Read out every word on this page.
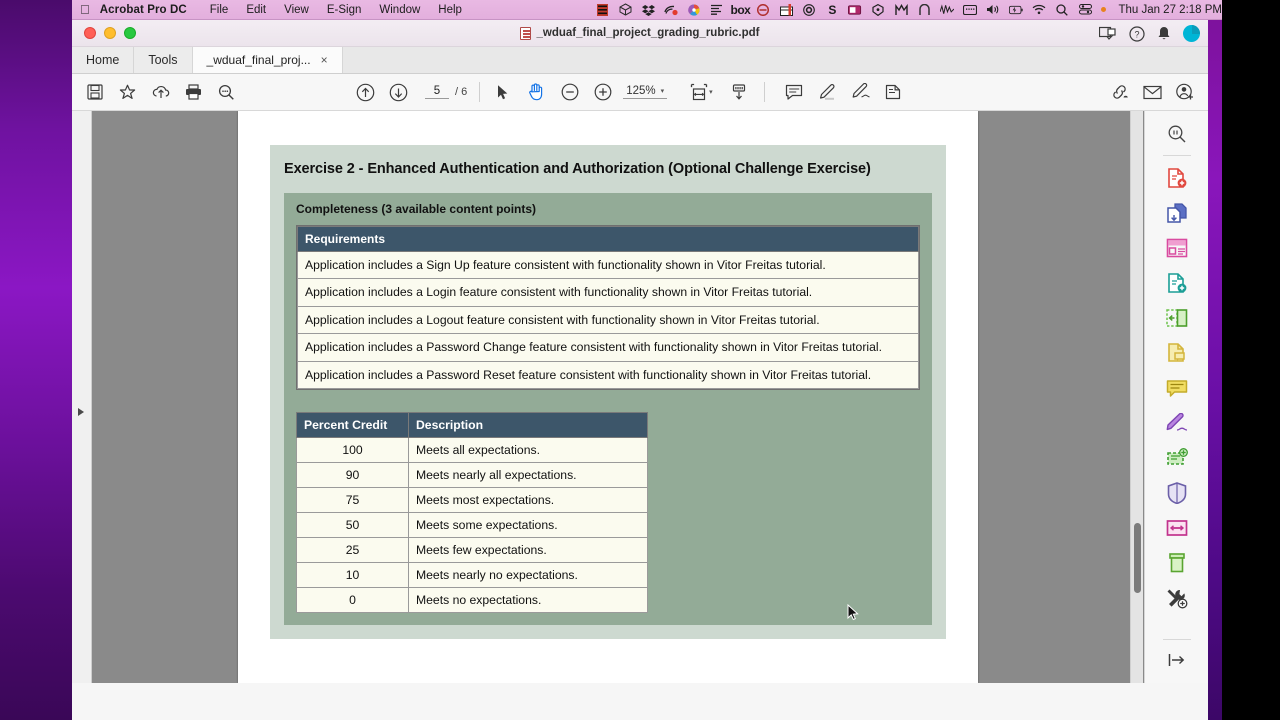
Acrobat Pro DC	File	Edit	View	E-Sign	Window	Help	box	S	Thu Jan 27 2:18 PM
_wduaf_final_project_grading_rubric.pdf	?
Home	Tools	_wduaf_final_proj... ×
5
/ 6	125% ▾	▾
Exercise 2 - Enhanced Authentication and Authorization (Optional Challenge Exercise)
Completeness (3 available content points)
Requirements
Application includes a Sign Up feature consistent with functionality shown in Vitor Freitas tutorial.
Application includes a Login feature consistent with functionality shown in Vitor Freitas tutorial.
Application includes a Logout feature consistent with functionality shown in Vitor Freitas tutorial.
Application includes a Password Change feature consistent with functionality shown in Vitor Freitas tutorial.
Application includes a Password Reset feature consistent with functionality shown in Vitor Freitas tutorial.
Percent Credit	Description
100	Meets all expectations.
90	Meets nearly all expectations.
75	Meets most expectations.
50	Meets some expectations.
25	Meets few expectations.
10	Meets nearly no expectations.
0	Meets no expectations.
